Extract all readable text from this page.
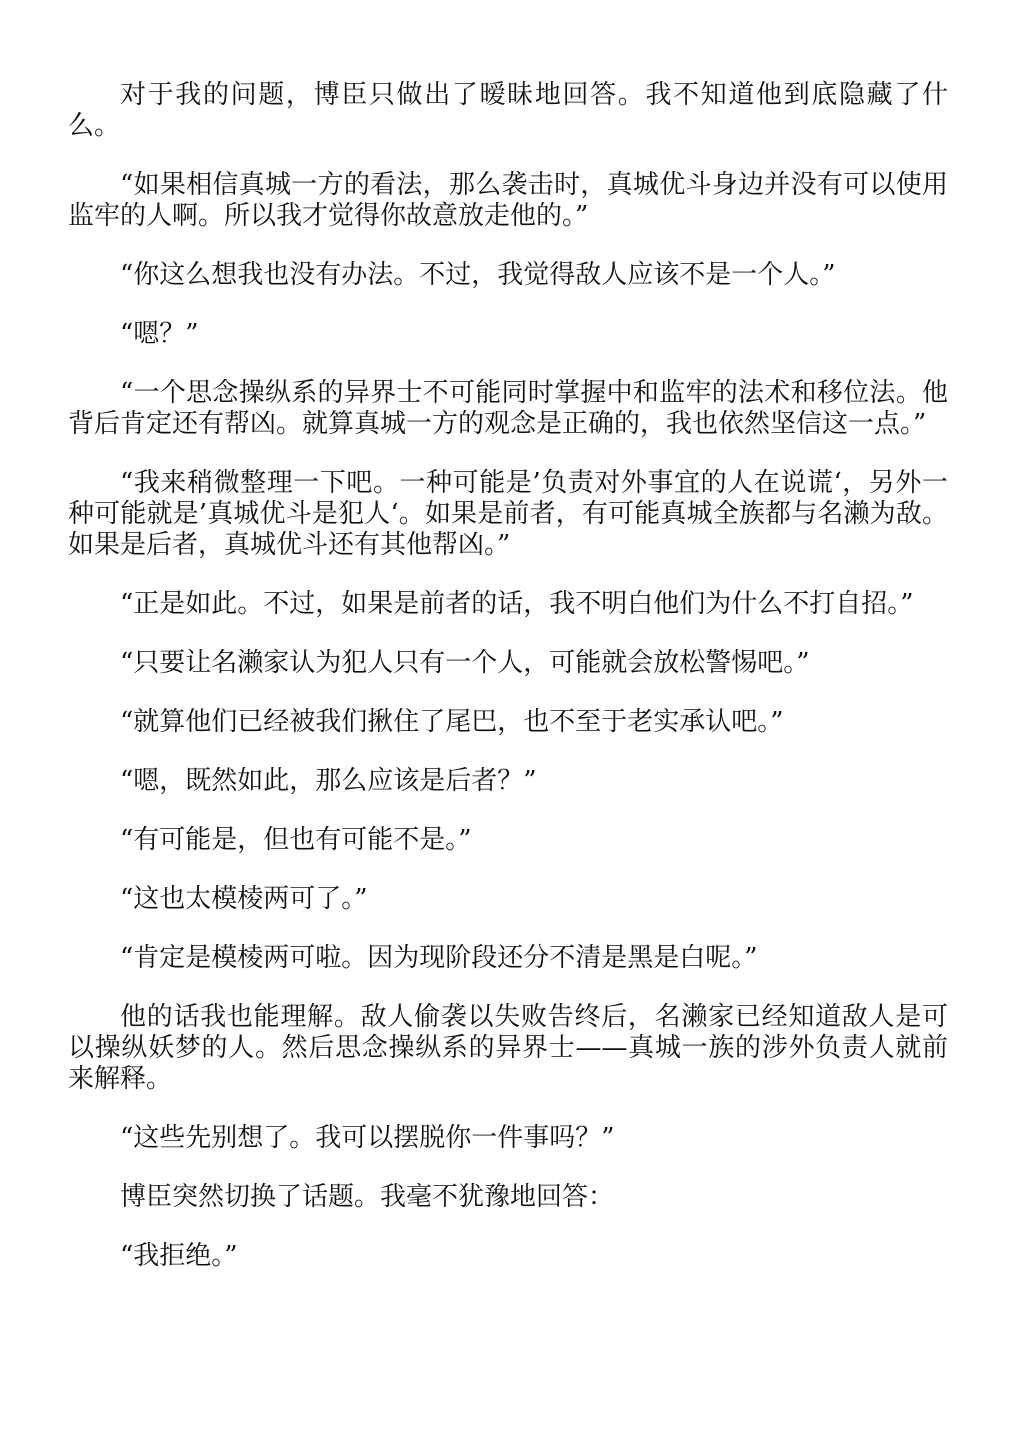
对于我的问题，博臣只做出了暧昧地回答。我不知道他到底隐藏了什么。

“如果相信真城一方的看法，那么袭击时，真城优斗身边并没有可以使用监牢的人啊。所以我才觉得你故意放走他的。”

“你这么想我也没有办法。不过，我觉得敌人应该不是一个人。”

“嗯？”

“一个思念操纵系的异界士不可能同时掌握中和监牢的法术和移位法。他背后肯定还有帮凶。就算真城一方的观念是正确的，我也依然坚信这一点。”

“我来稍微整理一下吧。一种可能是’负责对外事宜的人在说谎‘，另外一种可能就是’真城优斗是犯人‘。如果是前者，有可能真城全族都与名濑为敌。如果是后者，真城优斗还有其他帮凶。”

“正是如此。不过，如果是前者的话，我不明白他们为什么不打自招。”

“只要让名濑家认为犯人只有一个人，可能就会放松警惕吧。”

“就算他们已经被我们揪住了尾巴，也不至于老实承认吧。”

“嗯，既然如此，那么应该是后者？”

“有可能是，但也有可能不是。”

“这也太模棱两可了。”

“肯定是模棱两可啦。因为现阶段还分不清是黑是白呢。”

他的话我也能理解。敌人偷袭以失败告终后，名濑家已经知道敌人是可以操纵妖梦的人。然后思念操纵系的异界士——真城一族的涉外负责人就前来解释。

“这些先别想了。我可以摆脱你一件事吗？”

博臣突然切换了话题。我毫不犹豫地回答：

“我拒绝。”
